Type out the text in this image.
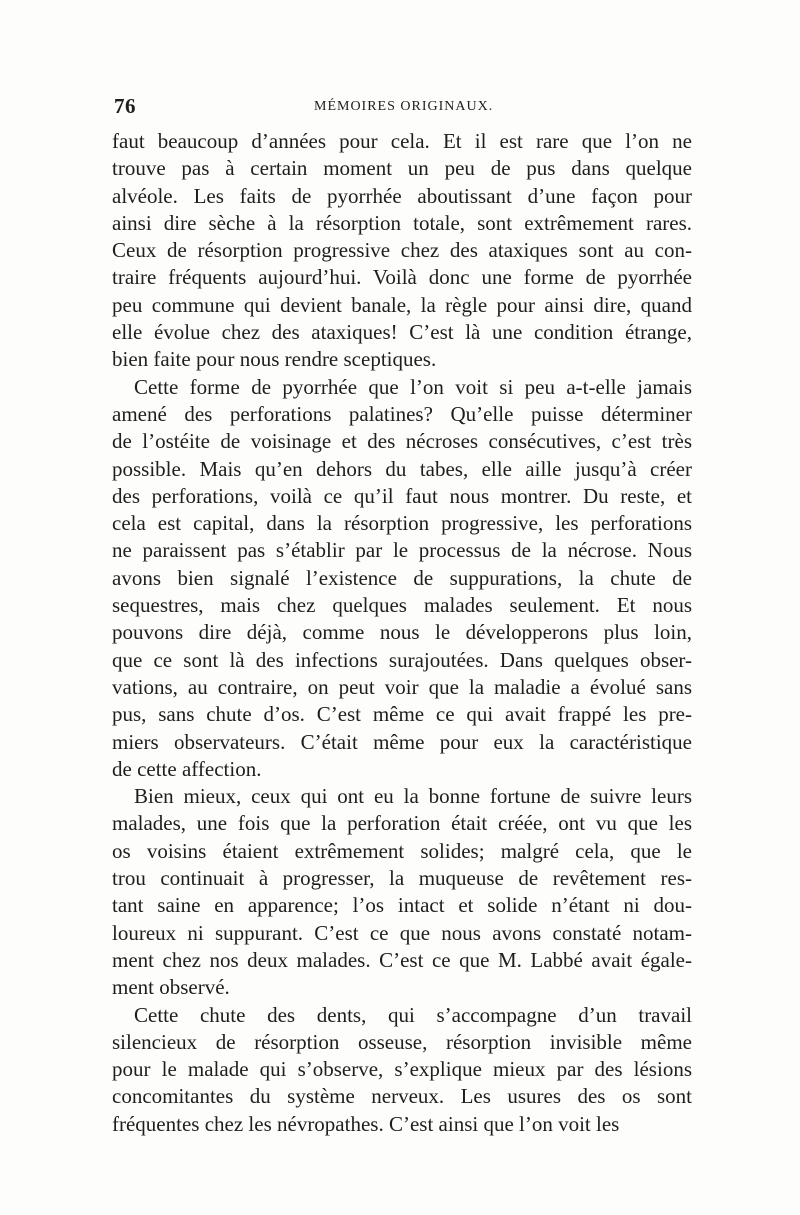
76	MÉMOIRES ORIGINAUX.
faut beaucoup d’années pour cela. Et il est rare que l’on ne
trouve pas à certain moment un peu de pus dans quelque
alvéole. Les faits de pyorrhée aboutissant d’une façon pour
ainsi dire sèche à la résorption totale, sont extrêmement rares.
Ceux de résorption progressive chez des ataxiques sont au con-
traire fréquents aujourd’hui. Voilà donc une forme de pyorrhée
peu commune qui devient banale, la règle pour ainsi dire, quand
elle évolue chez des ataxiques! C’est là une condition étrange,
bien faite pour nous rendre sceptiques.
Cette forme de pyorrhée que l’on voit si peu a-t-elle jamais
amené des perforations palatines? Qu’elle puisse déterminer
de l’ostéite de voisinage et des nécroses consécutives, c’est très
possible. Mais qu’en dehors du tabes, elle aille jusqu’à créer
des perforations, voilà ce qu’il faut nous montrer. Du reste, et
cela est capital, dans la résorption progressive, les perforations
ne paraissent pas s’établir par le processus de la nécrose. Nous
avons bien signalé l’existence de suppurations, la chute de
sequestres, mais chez quelques malades seulement. Et nous
pouvons dire déjà, comme nous le développerons plus loin,
que ce sont là des infections surajoutées. Dans quelques obser-
vations, au contraire, on peut voir que la maladie a évolué sans
pus, sans chute d’os. C’est même ce qui avait frappé les pre-
miers observateurs. C’était même pour eux la caractéristique
de cette affection.
Bien mieux, ceux qui ont eu la bonne fortune de suivre leurs
malades, une fois que la perforation était créée, ont vu que les
os voisins étaient extrêmement solides; malgré cela, que le
trou continuait à progresser, la muqueuse de revêtement res-
tant saine en apparence; l’os intact et solide n’étant ni dou-
loureux ni suppurant. C’est ce que nous avons constaté notam-
ment chez nos deux malades. C’est ce que M. Labbé avait égale-
ment observé.
Cette chute des dents, qui s’accompagne d’un travail
silencieux de résorption osseuse, résorption invisible même
pour le malade qui s’observe, s’explique mieux par des lésions
concomitantes du système nerveux. Les usures des os sont
fréquentes chez les névropathes. C’est ainsi que l’on voit les
